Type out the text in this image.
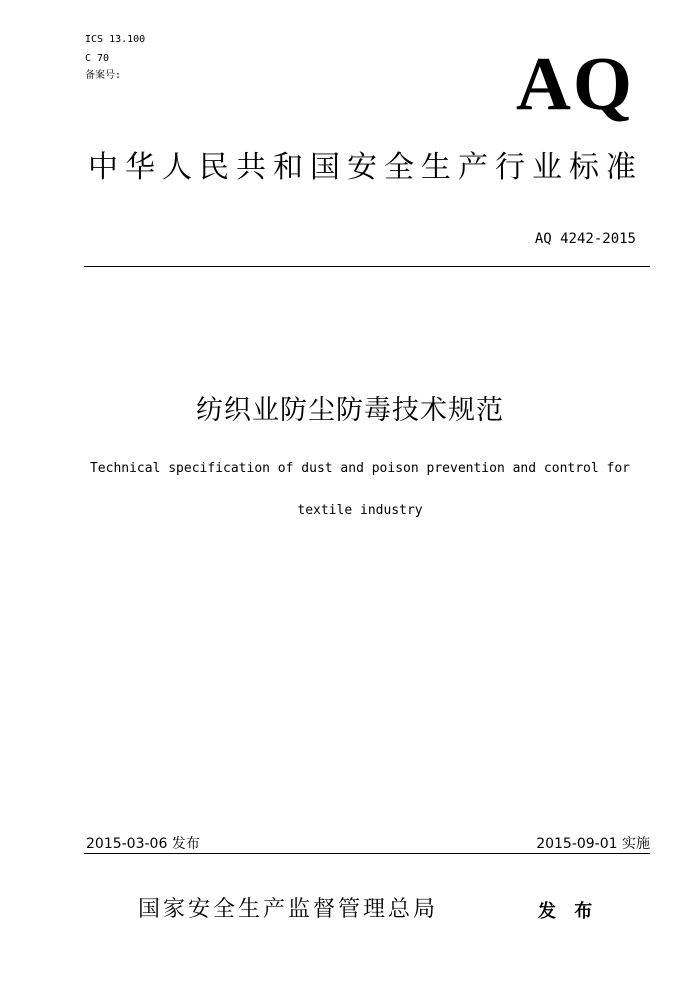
ICS 13.100
C 70
备案号:	AQ
中华人民共和国安全生产行业标准
AQ 4242-2015
纺织业防尘防毒技术规范
Technical specification of dust and poison prevention and control for
textile industry
2015-03-06 发布	2015-09-01 实施
国家安全生产监督管理总局	发 布
